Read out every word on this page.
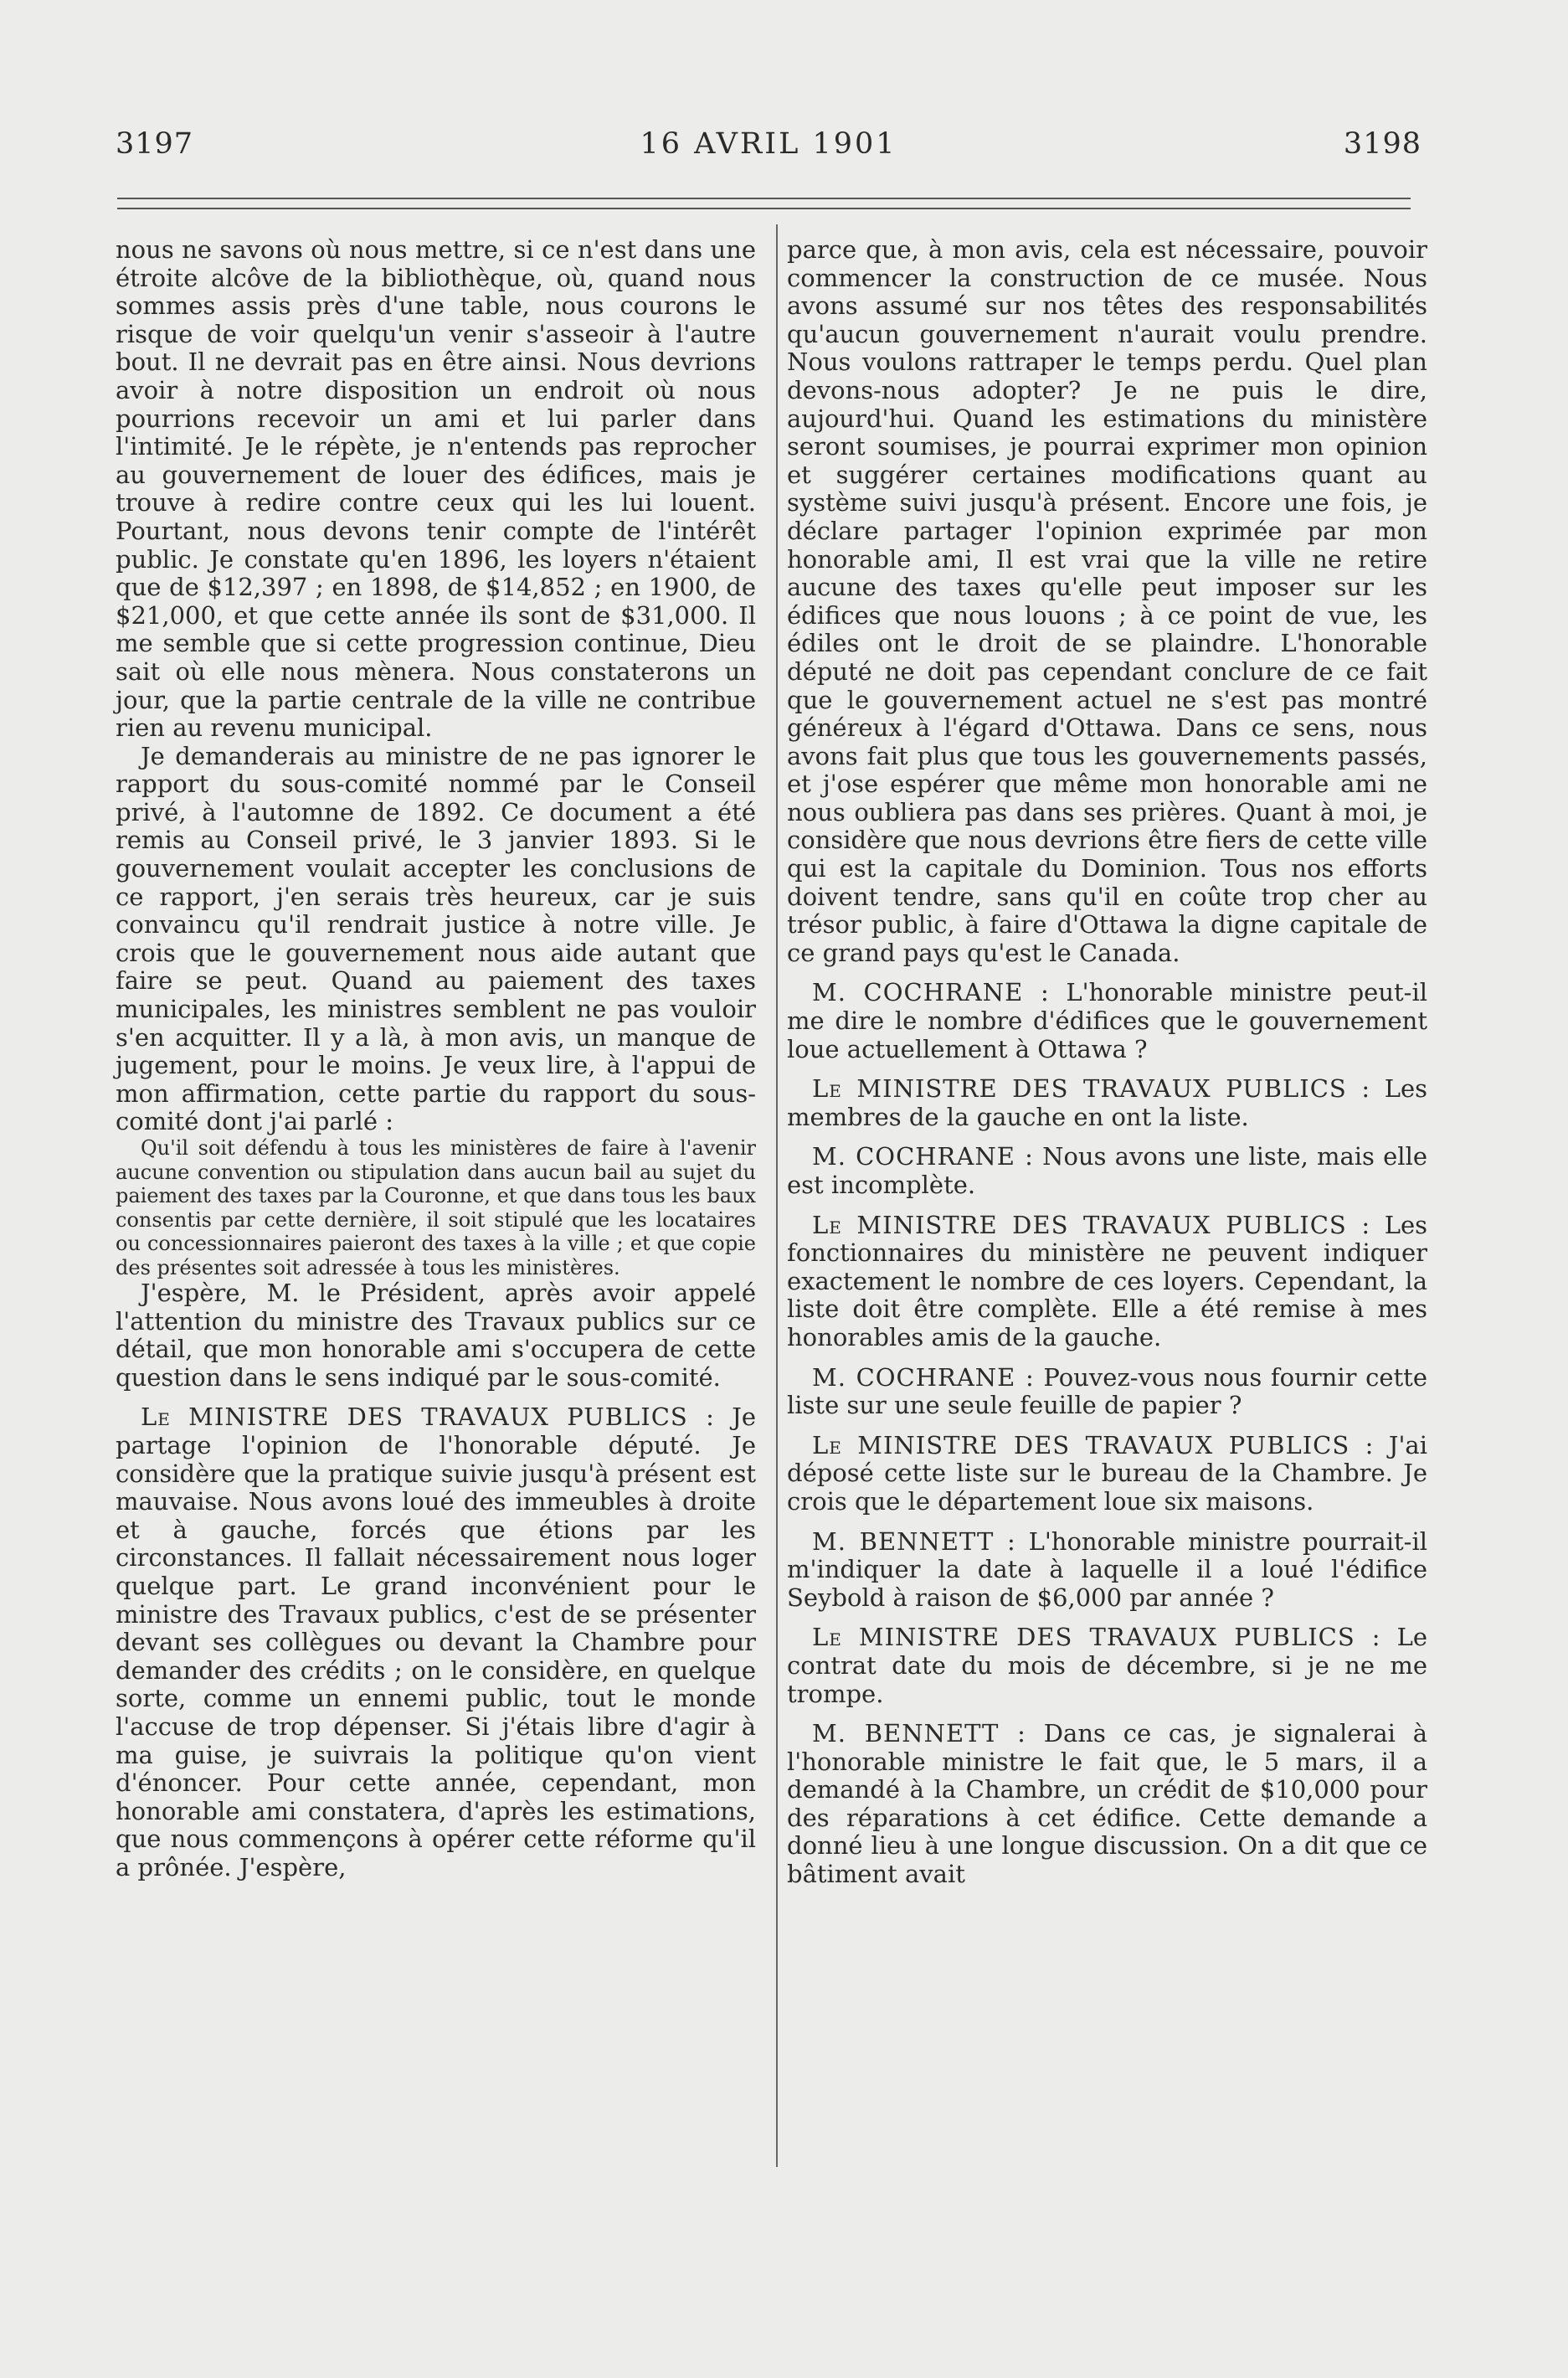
3197	16 AVRIL 1901	3198

nous ne savons où nous mettre, si ce n'est dans une étroite alcôve de la bibliothèque, où, quand nous sommes assis près d'une table, nous courons le risque de voir quelqu'un venir s'asseoir à l'autre bout. Il ne devrait pas en être ainsi. Nous devrions avoir à notre disposition un endroit où nous pourrions recevoir un ami et lui parler dans l'intimité. Je le répète, je n'entends pas reprocher au gouvernement de louer des édifices, mais je trouve à redire contre ceux qui les lui louent. Pourtant, nous devons tenir compte de l'intérêt public. Je constate qu'en 1896, les loyers n'étaient que de $12,397 ; en 1898, de $14,852 ; en 1900, de $21,000, et que cette année ils sont de $31,000. Il me semble que si cette progression continue, Dieu sait où elle nous mènera. Nous constaterons un jour, que la partie centrale de la ville ne contribue rien au revenu municipal.

Je demanderais au ministre de ne pas ignorer le rapport du sous-comité nommé par le Conseil privé, à l'automne de 1892. Ce document a été remis au Conseil privé, le 3 janvier 1893. Si le gouvernement voulait accepter les conclusions de ce rapport, j'en serais très heureux, car je suis convaincu qu'il rendrait justice à notre ville. Je crois que le gouvernement nous aide autant que faire se peut. Quand au paiement des taxes municipales, les ministres semblent ne pas vouloir s'en acquitter. Il y a là, à mon avis, un manque de jugement, pour le moins. Je veux lire, à l'appui de mon affirmation, cette partie du rapport du sous-comité dont j'ai parlé :

Qu'il soit défendu à tous les ministères de faire à l'avenir aucune convention ou stipulation dans aucun bail au sujet du paiement des taxes par la Couronne, et que dans tous les baux consentis par cette dernière, il soit stipulé que les locataires ou concessionnaires paieront des taxes à la ville ; et que copie des présentes soit adressée à tous les ministères.

J'espère, M. le Président, après avoir appelé l'attention du ministre des Travaux publics sur ce détail, que mon honorable ami s'occupera de cette question dans le sens indiqué par le sous-comité.

Le MINISTRE DES TRAVAUX PUBLICS : Je partage l'opinion de l'honorable député. Je considère que la pratique suivie jusqu'à présent est mauvaise. Nous avons loué des immeubles à droite et à gauche, forcés que étions par les circonstances. Il fallait nécessairement nous loger quelque part. Le grand inconvénient pour le ministre des Travaux publics, c'est de se présenter devant ses collègues ou devant la Chambre pour demander des crédits ; on le considère, en quelque sorte, comme un ennemi public, tout le monde l'accuse de trop dépenser. Si j'étais libre d'agir à ma guise, je suivrais la politique qu'on vient d'énoncer. Pour cette année, cependant, mon honorable ami constatera, d'après les estimations, que nous commençons à opérer cette réforme qu'il a prônée. J'espère,

parce que, à mon avis, cela est nécessaire, pouvoir commencer la construction de ce musée. Nous avons assumé sur nos têtes des responsabilités qu'aucun gouvernement n'aurait voulu prendre. Nous voulons rattraper le temps perdu. Quel plan devons-nous adopter? Je ne puis le dire, aujourd'hui. Quand les estimations du ministère seront soumises, je pourrai exprimer mon opinion et suggérer certaines modifications quant au système suivi jusqu'à présent. Encore une fois, je déclare partager l'opinion exprimée par mon honorable ami, Il est vrai que la ville ne retire aucune des taxes qu'elle peut imposer sur les édifices que nous louons ; à ce point de vue, les édiles ont le droit de se plaindre. L'honorable député ne doit pas cependant conclure de ce fait que le gouvernement actuel ne s'est pas montré généreux à l'égard d'Ottawa. Dans ce sens, nous avons fait plus que tous les gouvernements passés, et j'ose espérer que même mon honorable ami ne nous oubliera pas dans ses prières. Quant à moi, je considère que nous devrions être fiers de cette ville qui est la capitale du Dominion. Tous nos efforts doivent tendre, sans qu'il en coûte trop cher au trésor public, à faire d'Ottawa la digne capitale de ce grand pays qu'est le Canada.

M. COCHRANE : L'honorable ministre peut-il me dire le nombre d'édifices que le gouvernement loue actuellement à Ottawa ?

Le MINISTRE DES TRAVAUX PUBLICS : Les membres de la gauche en ont la liste.

M. COCHRANE : Nous avons une liste, mais elle est incomplète.

Le MINISTRE DES TRAVAUX PUBLICS : Les fonctionnaires du ministère ne peuvent indiquer exactement le nombre de ces loyers. Cependant, la liste doit être complète. Elle a été remise à mes honorables amis de la gauche.

M. COCHRANE : Pouvez-vous nous fournir cette liste sur une seule feuille de papier ?

Le MINISTRE DES TRAVAUX PUBLICS : J'ai déposé cette liste sur le bureau de la Chambre. Je crois que le département loue six maisons.

M. BENNETT : L'honorable ministre pourrait-il m'indiquer la date à laquelle il a loué l'édifice Seybold à raison de $6,000 par année ?

Le MINISTRE DES TRAVAUX PUBLICS : Le contrat date du mois de décembre, si je ne me trompe.

M. BENNETT : Dans ce cas, je signalerai à l'honorable ministre le fait que, le 5 mars, il a demandé à la Chambre, un crédit de $10,000 pour des réparations à cet édifice. Cette demande a donné lieu à une longue discussion. On a dit que ce bâtiment avait
